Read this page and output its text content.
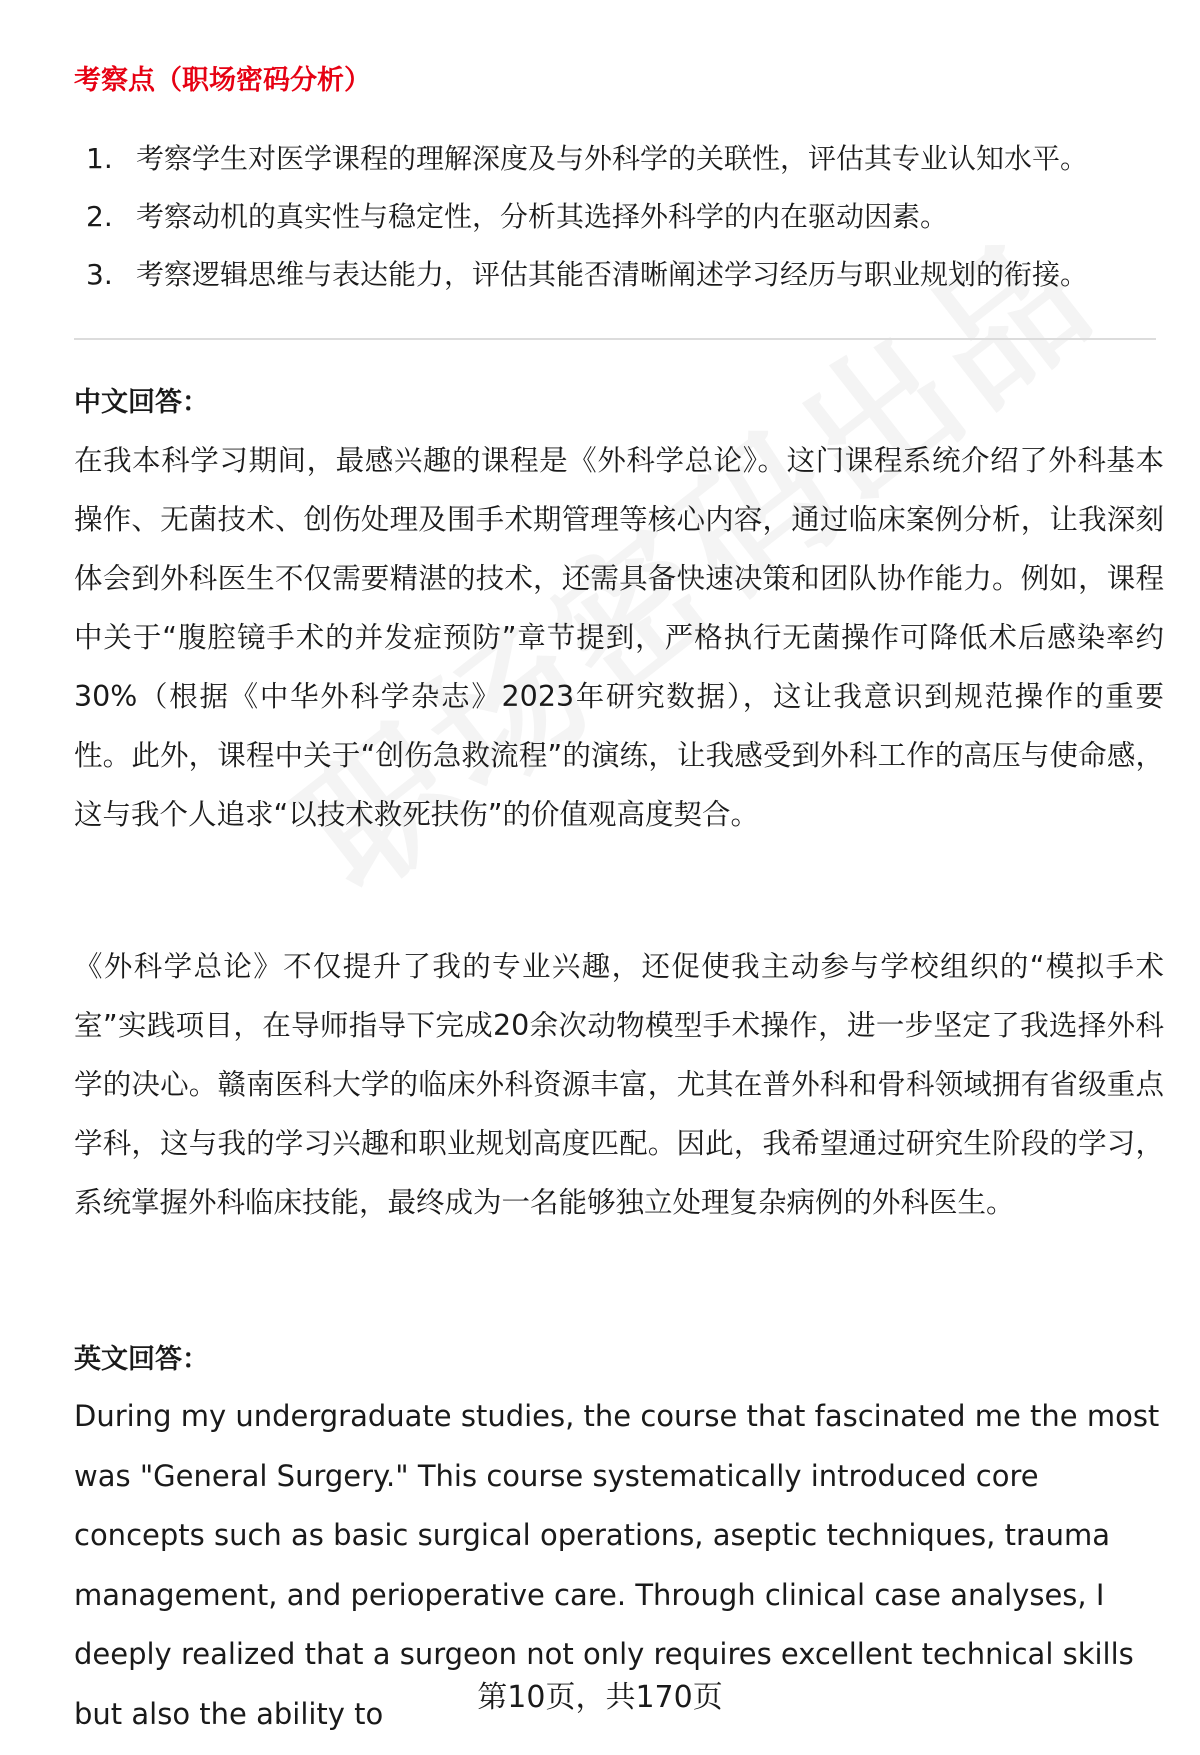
考察点（职场密码分析）
1. 考察学生对医学课程的理解深度及与外科学的关联性，评估其专业认知水平。
2. 考察动机的真实性与稳定性，分析其选择外科学的内在驱动因素。
3. 考察逻辑思维与表达能力，评估其能否清晰阐述学习经历与职业规划的衔接。
中文回答：

在我本科学习期间，最感兴趣的课程是《外科学总论》。这门课程系统介绍了外科基本操作、无菌技术、创伤处理及围手术期管理等核心内容，通过临床案例分析，让我深刻体会到外科医生不仅需要精湛的技术，还需具备快速决策和团队协作能力。例如，课程中关于“腹腔镜手术的并发症预防”章节提到，严格执行无菌操作可降低术后感染率约30%（根据《中华外科学杂志》2023年研究数据），这让我意识到规范操作的重要性。此外，课程中关于“创伤急救流程”的演练，让我感受到外科工作的高压与使命感，这与我个人追求“以技术救死扶伤”的价值观高度契合。

《外科学总论》不仅提升了我的专业兴趣，还促使我主动参与学校组织的“模拟手术室”实践项目，在导师指导下完成20余次动物模型手术操作，进一步坚定了我选择外科学的决心。赣南医科大学的临床外科资源丰富，尤其在普外科和骨科领域拥有省级重点学科，这与我的学习兴趣和职业规划高度匹配。因此，我希望通过研究生阶段的学习，系统掌握外科临床技能，最终成为一名能够独立处理复杂病例的外科医生。

英文回答：

During my undergraduate studies, the course that fascinated me the most was "General Surgery." This course systematically introduced core concepts such as basic surgical operations, aseptic techniques, trauma management, and perioperative care. Through clinical case analyses, I deeply realized that a surgeon not only requires excellent technical skills but also the ability to	第10页，共170页
